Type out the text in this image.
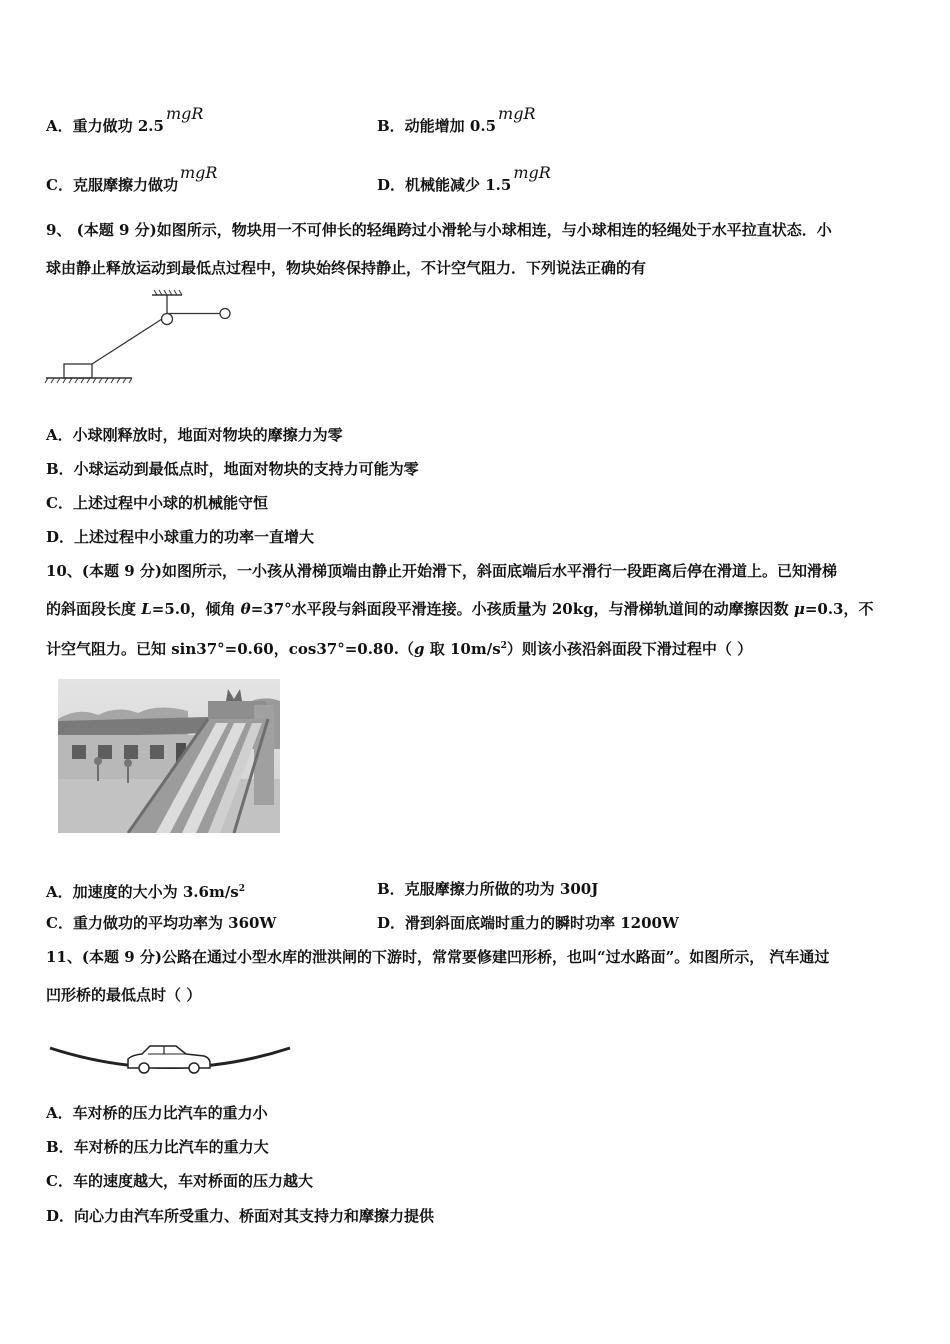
A．重力做功 2.5mgR
B．动能增加 0.5mgR
C．克服摩擦力做功mgR
D．机械能减少 1.5mgR
9、 (本题 9 分)如图所示，物块用一不可伸长的轻绳跨过小滑轮与小球相连，与小球相连的轻绳处于水平拉直状态．小
球由静止释放运动到最低点过程中，物块始终保持静止，不计空气阻力．下列说法正确的有
A．小球刚释放时，地面对物块的摩擦力为零
B．小球运动到最低点时，地面对物块的支持力可能为零
C．上述过程中小球的机械能守恒
D．上述过程中小球重力的功率一直增大
10、(本题 9 分)如图所示，一小孩从滑梯顶端由静止开始滑下，斜面底端后水平滑行一段距离后停在滑道上。已知滑梯
的斜面段长度 L=5.0，倾角 θ=37°水平段与斜面段平滑连接。小孩质量为 20kg，与滑梯轨道间的动摩擦因数 μ=0.3，不
计空气阻力。已知 sin37°=0.60，cos37°=0.80.（g 取 $10m/s^2$）则该小孩沿斜面段下滑过程中（ ）
A．加速度的大小为 $3.6m/s^2$	B．克服摩擦力所做的功为 300J
C．重力做功的平均功率为 360W	D．滑到斜面底端时重力的瞬时功率 1200W
11、(本题 9 分)公路在通过小型水库的泄洪闸的下游时，常常要修建凹形桥，也叫“过水路面”。如图所示， 汽车通过
凹形桥的最低点时（ ）
A．车对桥的压力比汽车的重力小
B．车对桥的压力比汽车的重力大
C．车的速度越大，车对桥面的压力越大
D．向心力由汽车所受重力、桥面对其支持力和摩擦力提供
